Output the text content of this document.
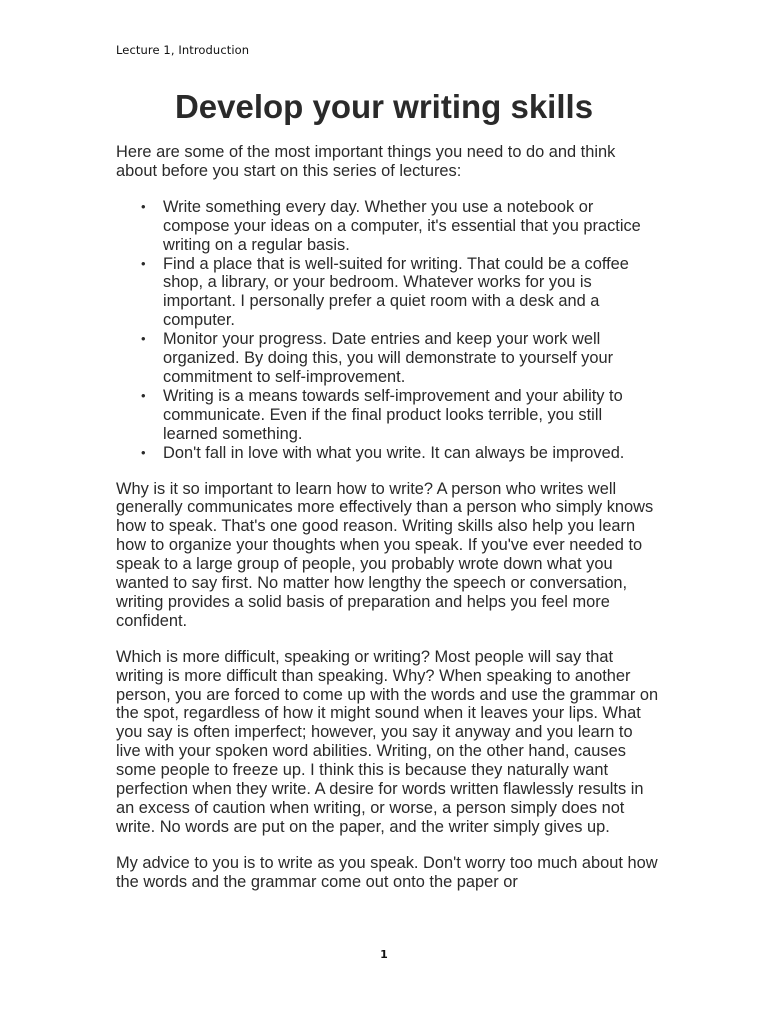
Lecture 1, Introduction
Develop your writing skills

Here are some of the most important things you need to do and think about before you start on this series of lectures:

• Write something every day. Whether you use a notebook or compose your ideas on a computer, it's essential that you practice writing on a regular basis.
• Find a place that is well-suited for writing. That could be a coffee shop, a library, or your bedroom. Whatever works for you is important. I personally prefer a quiet room with a desk and a computer.
• Monitor your progress. Date entries and keep your work well organized. By doing this, you will demonstrate to yourself your commitment to self-improvement.
• Writing is a means towards self-improvement and your ability to communicate. Even if the final product looks terrible, you still learned something.
• Don't fall in love with what you write. It can always be improved.

Why is it so important to learn how to write? A person who writes well generally communicates more effectively than a person who simply knows how to speak. That's one good reason. Writing skills also help you learn how to organize your thoughts when you speak. If you've ever needed to speak to a large group of people, you probably wrote down what you wanted to say first. No matter how lengthy the speech or conversation, writing provides a solid basis of preparation and helps you feel more confident.

Which is more difficult, speaking or writing? Most people will say that writing is more difficult than speaking. Why? When speaking to another person, you are forced to come up with the words and use the grammar on the spot, regardless of how it might sound when it leaves your lips. What you say is often imperfect; however, you say it anyway and you learn to live with your spoken word abilities. Writing, on the other hand, causes some people to freeze up. I think this is because they naturally want perfection when they write. A desire for words written flawlessly results in an excess of caution when writing, or worse, a person simply does not write. No words are put on the paper, and the writer simply gives up.

My advice to you is to write as you speak. Don't worry too much about how the words and the grammar come out onto the paper or

1
